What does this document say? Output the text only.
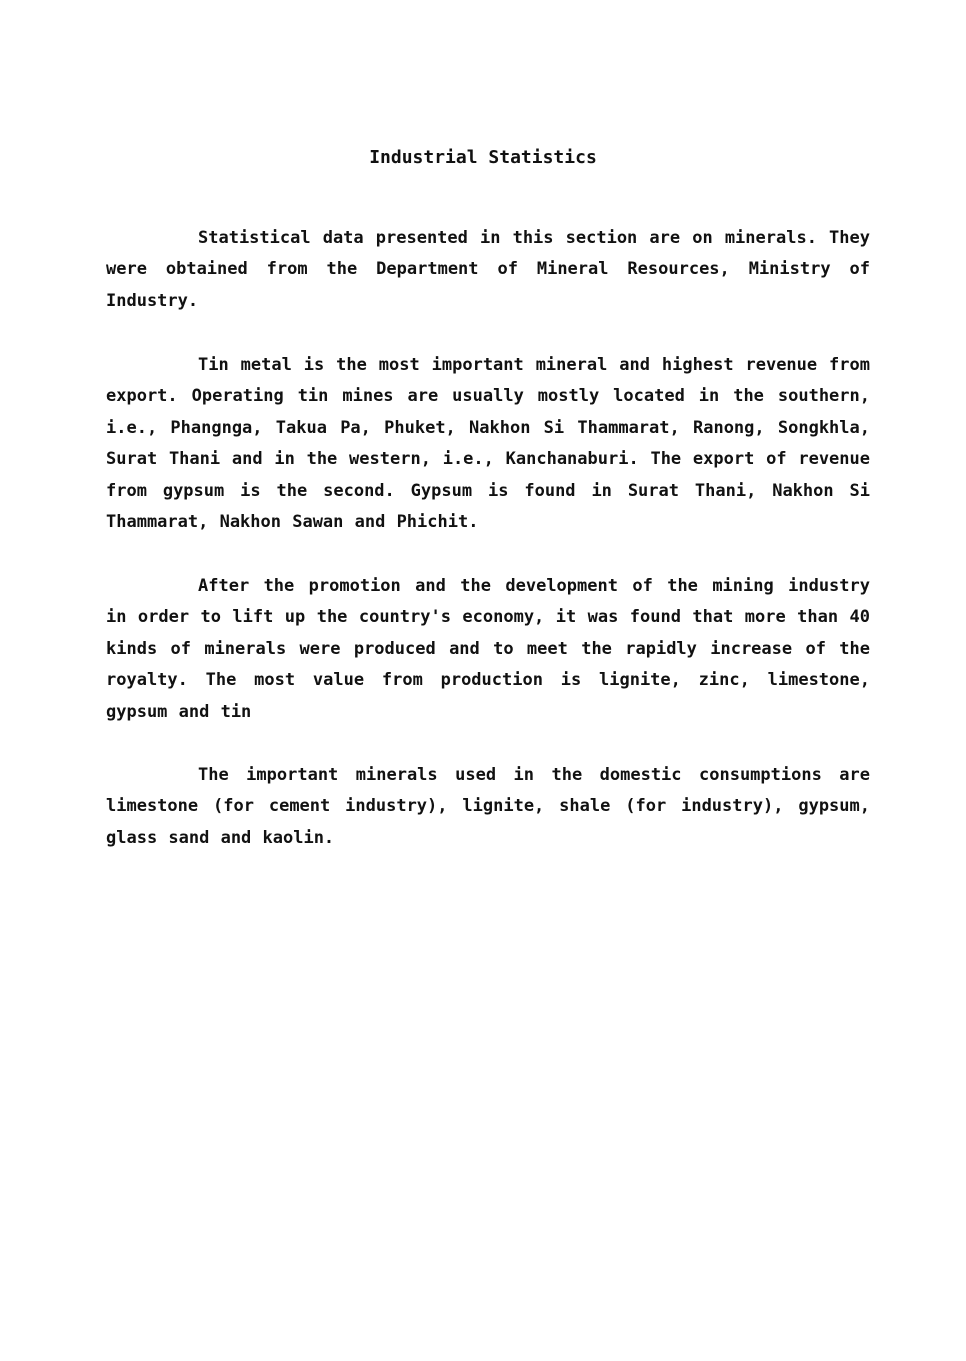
Industrial Statistics

Statistical data presented in this section are on minerals. They were obtained from the Department of Mineral Resources, Ministry of Industry.

Tin metal is the most important mineral and highest revenue from export. Operating tin mines are usually mostly located in the southern, i.e., Phangnga, Takua Pa, Phuket, Nakhon Si Thammarat, Ranong, Songkhla, Surat Thani and in the western, i.e., Kanchanaburi. The export of revenue from gypsum is the second. Gypsum is found in Surat Thani, Nakhon Si Thammarat, Nakhon Sawan and Phichit.

After the promotion and the development of the mining industry in order to lift up the country's economy, it was found that more than 40 kinds of minerals were produced and to meet the rapidly increase of the royalty. The most value from production is lignite, zinc, limestone, gypsum and tin

The important minerals used in the domestic consumptions are limestone (for cement industry), lignite, shale (for industry), gypsum, glass sand and kaolin.
